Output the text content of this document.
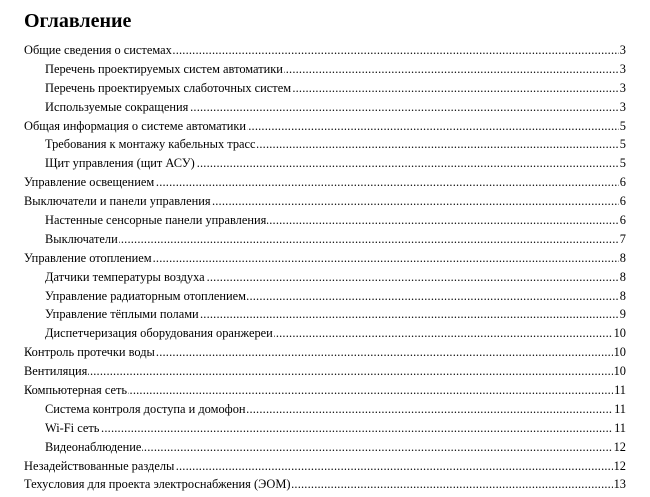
Оглавление
Общие сведения о системах .....	3
Перечень проектируемых систем автоматики .....	3
Перечень проектируемых слаботочных систем .....	3
Используемые сокращения .....	3
Общая информация о системе автоматики .....	5
Требования к монтажу кабельных трасс .....	5
Щит управления (щит АСУ) .....	5
Управление освещением .....	6
Выключатели и панели управления .....	6
Настенные сенсорные панели управления .....	6
Выключатели .....	7
Управление отоплением .....	8
Датчики температуры воздуха .....	8
Управление радиаторным отоплением .....	8
Управление тёплыми полами .....	9
Диспетчеризация оборудования оранжереи .....	10
Контроль протечки воды .....	10
Вентиляция .....	10
Компьютерная сеть .....	11
Система контроля доступа и домофон .....	11
Wi-Fi сеть .....	11
Видеонаблюдение .....	12
Незадействованные разделы .....	12
Техусловия для проекта электроснабжения (ЭОМ) .....	13
